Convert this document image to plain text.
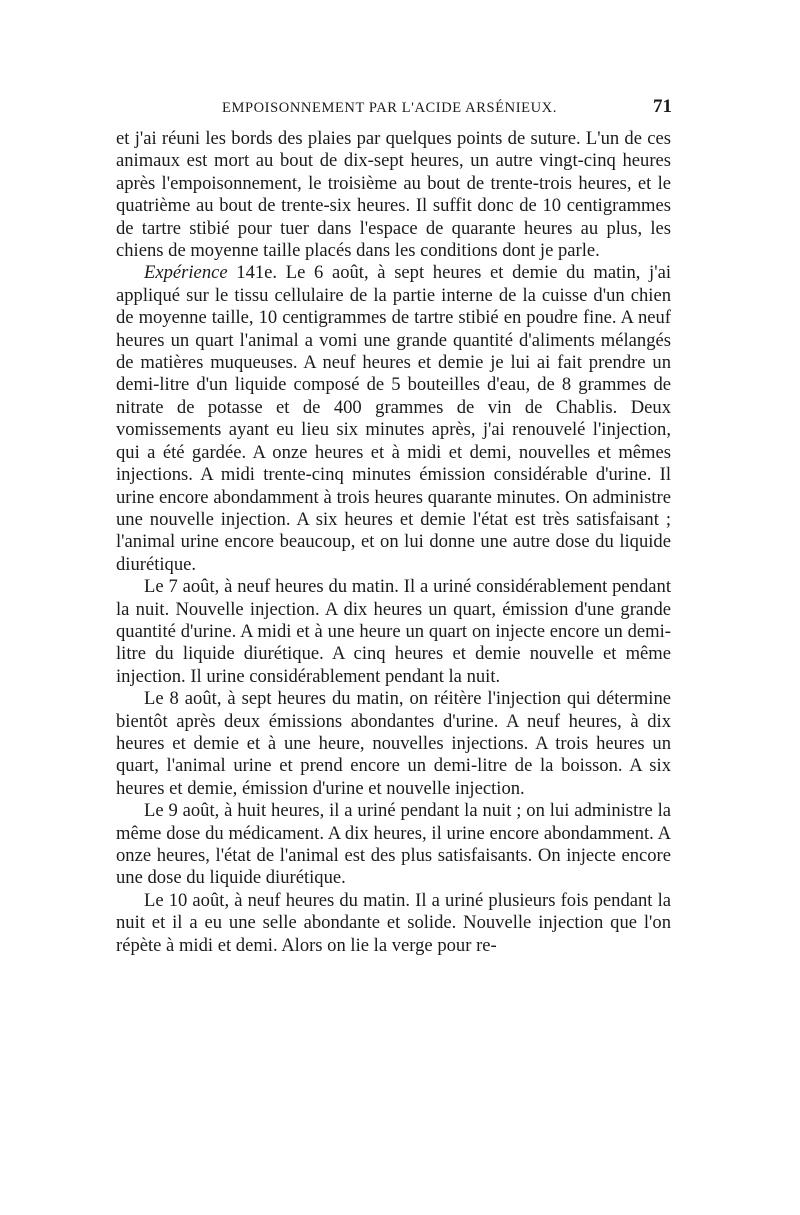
EMPOISONNEMENT PAR L'ACIDE ARSÉNIEUX.	71

et j'ai réuni les bords des plaies par quelques points de suture. L'un de ces animaux est mort au bout de dix-sept heures, un autre vingt-cinq heures après l'empoisonnement, le troisième au bout de trente-trois heures, et le quatrième au bout de trente-six heures. Il suffit donc de 10 centigrammes de tartre stibié pour tuer dans l'espace de quarante heures au plus, les chiens de moyenne taille placés dans les conditions dont je parle.

Expérience 141e. Le 6 août, à sept heures et demie du matin, j'ai appliqué sur le tissu cellulaire de la partie interne de la cuisse d'un chien de moyenne taille, 10 centigrammes de tartre stibié en poudre fine. A neuf heures un quart l'animal a vomi une grande quantité d'aliments mélangés de matières muqueuses. A neuf heures et demie je lui ai fait prendre un demi-litre d'un liquide composé de 5 bouteilles d'eau, de 8 grammes de nitrate de potasse et de 400 grammes de vin de Chablis. Deux vomissements ayant eu lieu six minutes après, j'ai renouvelé l'injection, qui a été gardée. A onze heures et à midi et demi, nouvelles et mêmes injections. A midi trente-cinq minutes émission considérable d'urine. Il urine encore abondamment à trois heures quarante minutes. On administre une nouvelle injection. A six heures et demie l'état est très satisfaisant ; l'animal urine encore beaucoup, et on lui donne une autre dose du liquide diurétique.

Le 7 août, à neuf heures du matin. Il a uriné considérablement pendant la nuit. Nouvelle injection. A dix heures un quart, émission d'une grande quantité d'urine. A midi et à une heure un quart on injecte encore un demi-litre du liquide diurétique. A cinq heures et demie nouvelle et même injection. Il urine considérablement pendant la nuit.

Le 8 août, à sept heures du matin, on réitère l'injection qui détermine bientôt après deux émissions abondantes d'urine. A neuf heures, à dix heures et demie et à une heure, nouvelles injections. A trois heures un quart, l'animal urine et prend encore un demi-litre de la boisson. A six heures et demie, émission d'urine et nouvelle injection.

Le 9 août, à huit heures, il a uriné pendant la nuit ; on lui administre la même dose du médicament. A dix heures, il urine encore abondamment. A onze heures, l'état de l'animal est des plus satisfaisants. On injecte encore une dose du liquide diurétique.

Le 10 août, à neuf heures du matin. Il a uriné plusieurs fois pendant la nuit et il a eu une selle abondante et solide. Nouvelle injection que l'on répète à midi et demi. Alors on lie la verge pour re-
